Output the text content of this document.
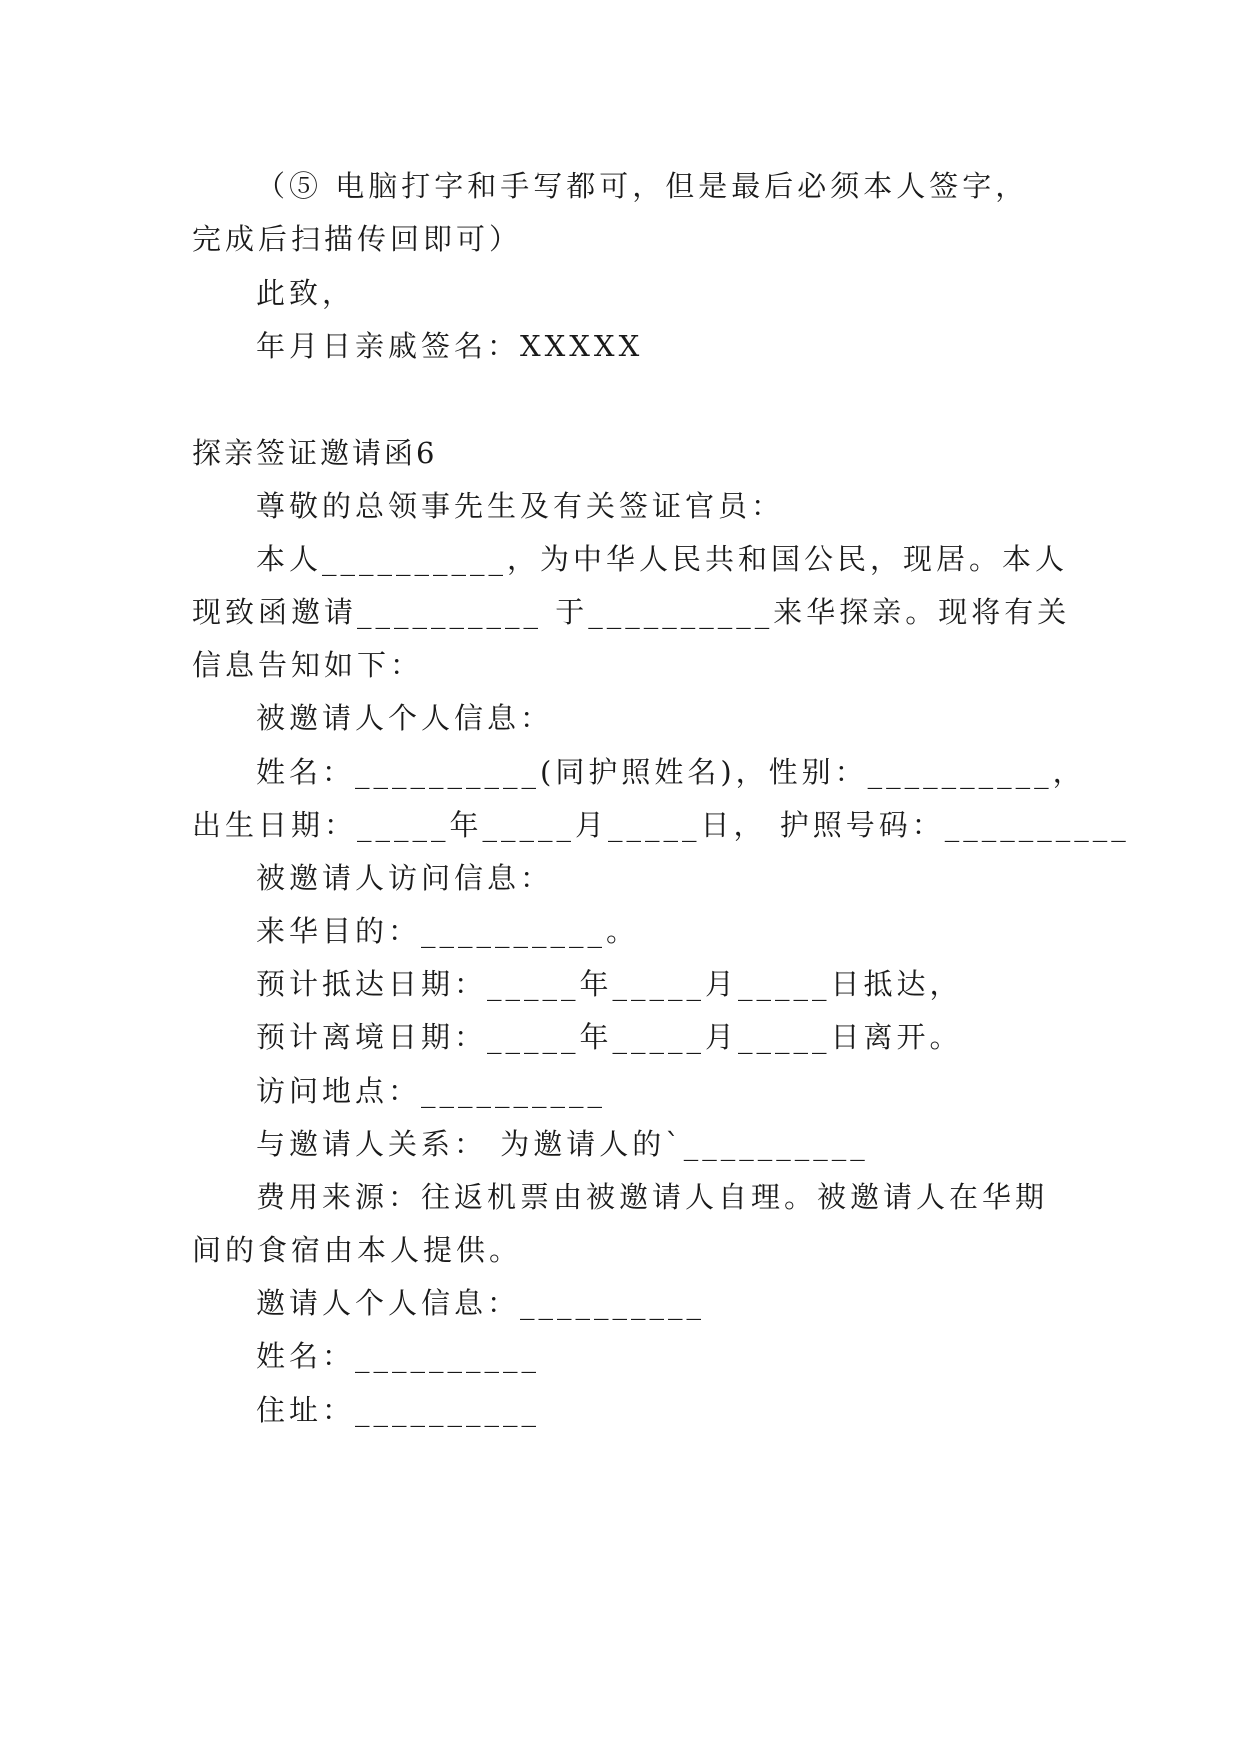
（⑤ 电脑打字和手写都可，但是最后必须本人签字，
完成后扫描传回即可）
此致，
年月日亲戚签名：XXXXX
探亲签证邀请函6
尊敬的总领事先生及有关签证官员：
本人__________，为中华人民共和国公民，现居。本人
现致函邀请__________ 于__________来华探亲。现将有关
信息告知如下：
被邀请人个人信息：
姓名：__________(同护照姓名)，性别：__________，
出生日期：_____年_____月_____日， 护照号码：__________
被邀请人访问信息：
来华目的：__________。
预计抵达日期：_____年_____月_____日抵达，
预计离境日期：_____年_____月_____日离开。
访问地点：__________
与邀请人关系： 为邀请人的`__________
费用来源：往返机票由被邀请人自理。被邀请人在华期
间的食宿由本人提供。
邀请人个人信息：__________
姓名：__________
住址：__________
